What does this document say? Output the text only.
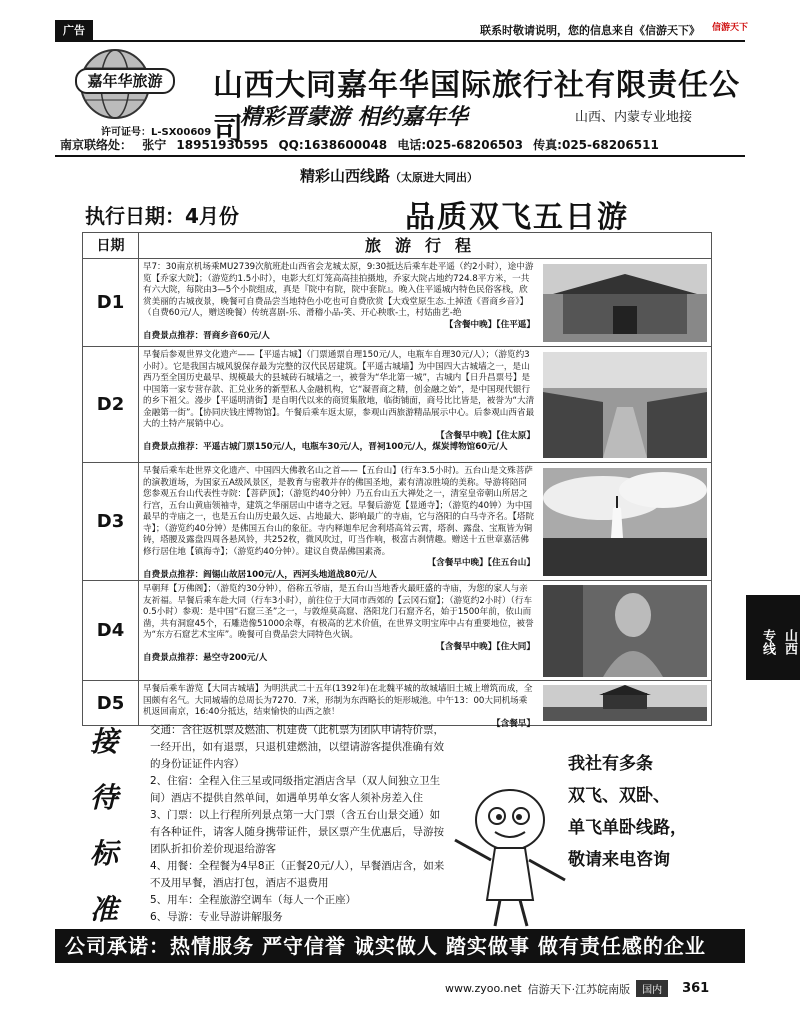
广告	联系时敬请说明，您的信息来自《信游天下》 信游天下
嘉年华旅游
许可证号：L-SX00609
山西大同嘉年华国际旅行社有限责任公司
精彩晋蒙游 相约嘉年华	山西、内蒙专业地接
南京联络处： 张宁 18951930595 QQ:1638600048 电话:025-68206503 传真:025-68206511
精彩山西线路（太原进大同出）
执行日期：4月份	品质双飞五日游
日期	旅游行程
D1
早7：30南京机场乘MU2739次航班赴山西省会龙城太原，9:30抵达后乘车赴平遥（约2小时），途中游览【乔家大院】；（游览约1.5小时），电影大红灯笼高高挂拍摄地，乔家大院占地约724.8平方米，一共有六大院，每院由3—5个小院组成，真是『院中有院，院中套院』。晚入住平遥城内特色民俗客栈，欣赏美丽的古城夜景，晚餐可自费品尝当地特色小吃也可自费欣赏【大戏堂原生态.土掉渣《晋商乡音》】（自费60元/人，赠送晚餐）传统喜剧-乐、滑稽小品-笑、开心秧歌-土，村姑曲艺-绝
【含餐中晚】【住平遥】
自费景点推荐：晋商乡音60元/人
D2
早餐后参观世界文化遗产——【平遥古城】（门票通票自理150元/人，电瓶车自理30元/人）；（游览约3小时）。它是我国古城风貌保存最为完整的汉代民居建筑。【平遥古城墙】为中国四大古城墙之一，是山西乃至全国历史最早、规模最大的县城砖石城墙之一，被誉为“华北第一城”，古城内【日升昌票号】是中国第一家专营存款、汇兑业务的新型私人金融机构，它“凝晋商之精，创金融之始”，是中国现代银行的乡下祖父。漫步【平遥明清街】是自明代以来的商贸集散地，临街铺面，商号比比皆是，被誉为“大清金融第一街”。【协同庆钱庄博物馆】。午餐后乘车返太原，参观山西旅游精品展示中心。后参观山西省最大的土特产展销中心。
【含餐早中晚】【住太原】
自费景点推荐：平遥古城门票150元/人，电瓶车30元/人，晋祠100元/人，煤炭博物馆60元/人
D3
早餐后乘车赴世界文化遗产、中国四大佛教名山之首——【五台山】(行车3.5小时)。五台山是文殊菩萨的演教道场，为国家五A级风景区，是教育与密教并存的佛国圣地，素有清凉胜境的美称。导游将陪同您参观五台山代表性寺院：【菩萨顶】；（游览约40分钟）乃五台山五大禅处之一，清室皇帝朝山所居之行宫，五台山黄庙领袖寺，建筑之华丽居山中诸寺之冠。早餐后游览【显通寺】；（游览约40钟）为中国最早的寺庙之一，也是五台山历史最久远、占地最大、影响最广的寺庙，它与洛阳的白马寺齐名。【塔院寺】；（游览约40分钟）是佛国五台山的象征。寺内释迦牟尼舍利塔高耸云霄，塔刹、露盘、宝瓶皆为铜铸，塔腰及露盘四周各悬风铃，共252枚，微风吹过，叮当作响，极富古刹情趣。赠送十五世章嘉活佛修行居住地【镇海寺】；（游览约40分钟）。建议自费品佛国素斋。
【含餐早中晚】【住五台山】
自费景点推荐：阎锡山故居100元/人，西河头地道战80元/人
D4
早朝拜【万佛阁】；（游览约30分钟），俗称五爷庙，是五台山当地香火最旺盛的寺庙，为您的家人与亲友祈福。早餐后乘车赴大同（行车3小时），前往位于大同市西郊的【云冈石窟】；（游览约2小时）（行车0.5小时）参观：是中国“石窟三圣”之一，与敦煌莫高窟、洛阳龙门石窟齐名，始于1500年前，依山而凿，共有洞窟45个，石雕造像51000余尊，有极高的艺术价值，在世界文明宝库中占有重要地位，被誉为“东方石窟艺术宝库”。晚餐可自费品尝大同特色火锅。
【含餐早中晚】【住大同】
自费景点推荐：悬空寺200元/人
D5
早餐后乘车游览【大同古城墙】为明洪武二十五年(1392年)在北魏平城的故城墙旧土城上增筑而成，全国颇有名气。大同城墙的总周长为7270．7米，形制为东西略长的矩形城池。中午13：00大同机场乘机返回南京，16:40分抵达，结束愉快的山西之旅！
【含餐早】
山西
专线
接
待
标
准

交通：含往返机票及燃油、机建费（此机票为团队申请特价票，一经开出，如有退票，只退机建燃油，以望请游客提供准确有效的身份证证件内容）

2、住宿：全程入住三星或同级指定酒店含早（双人间独立卫生间）酒店不提供自然单间，如遇单男单女客人须补房差入住

3、门票：以上行程所列景点第一大门票（含五台山景交通）如有各种证件，请客人随身携带证件，景区票产生优惠后，导游按团队折扣价差价现退给游客

4、用餐：全程餐为4早8正（正餐20元/人），早餐酒店含，如来不及用早餐，酒店打包，酒店不退费用

5、用车：全程旅游空调车（每人一个正座）

6、导游：专业导游讲解服务

我社有多条
双飞、双卧、
单飞单卧线路，
敬请来电咨询
公司承诺：热情服务 严守信誉 诚实做人 踏实做事 做有责任感的企业
www.zyoo.net 信游天下·江苏皖南版	国内	361
